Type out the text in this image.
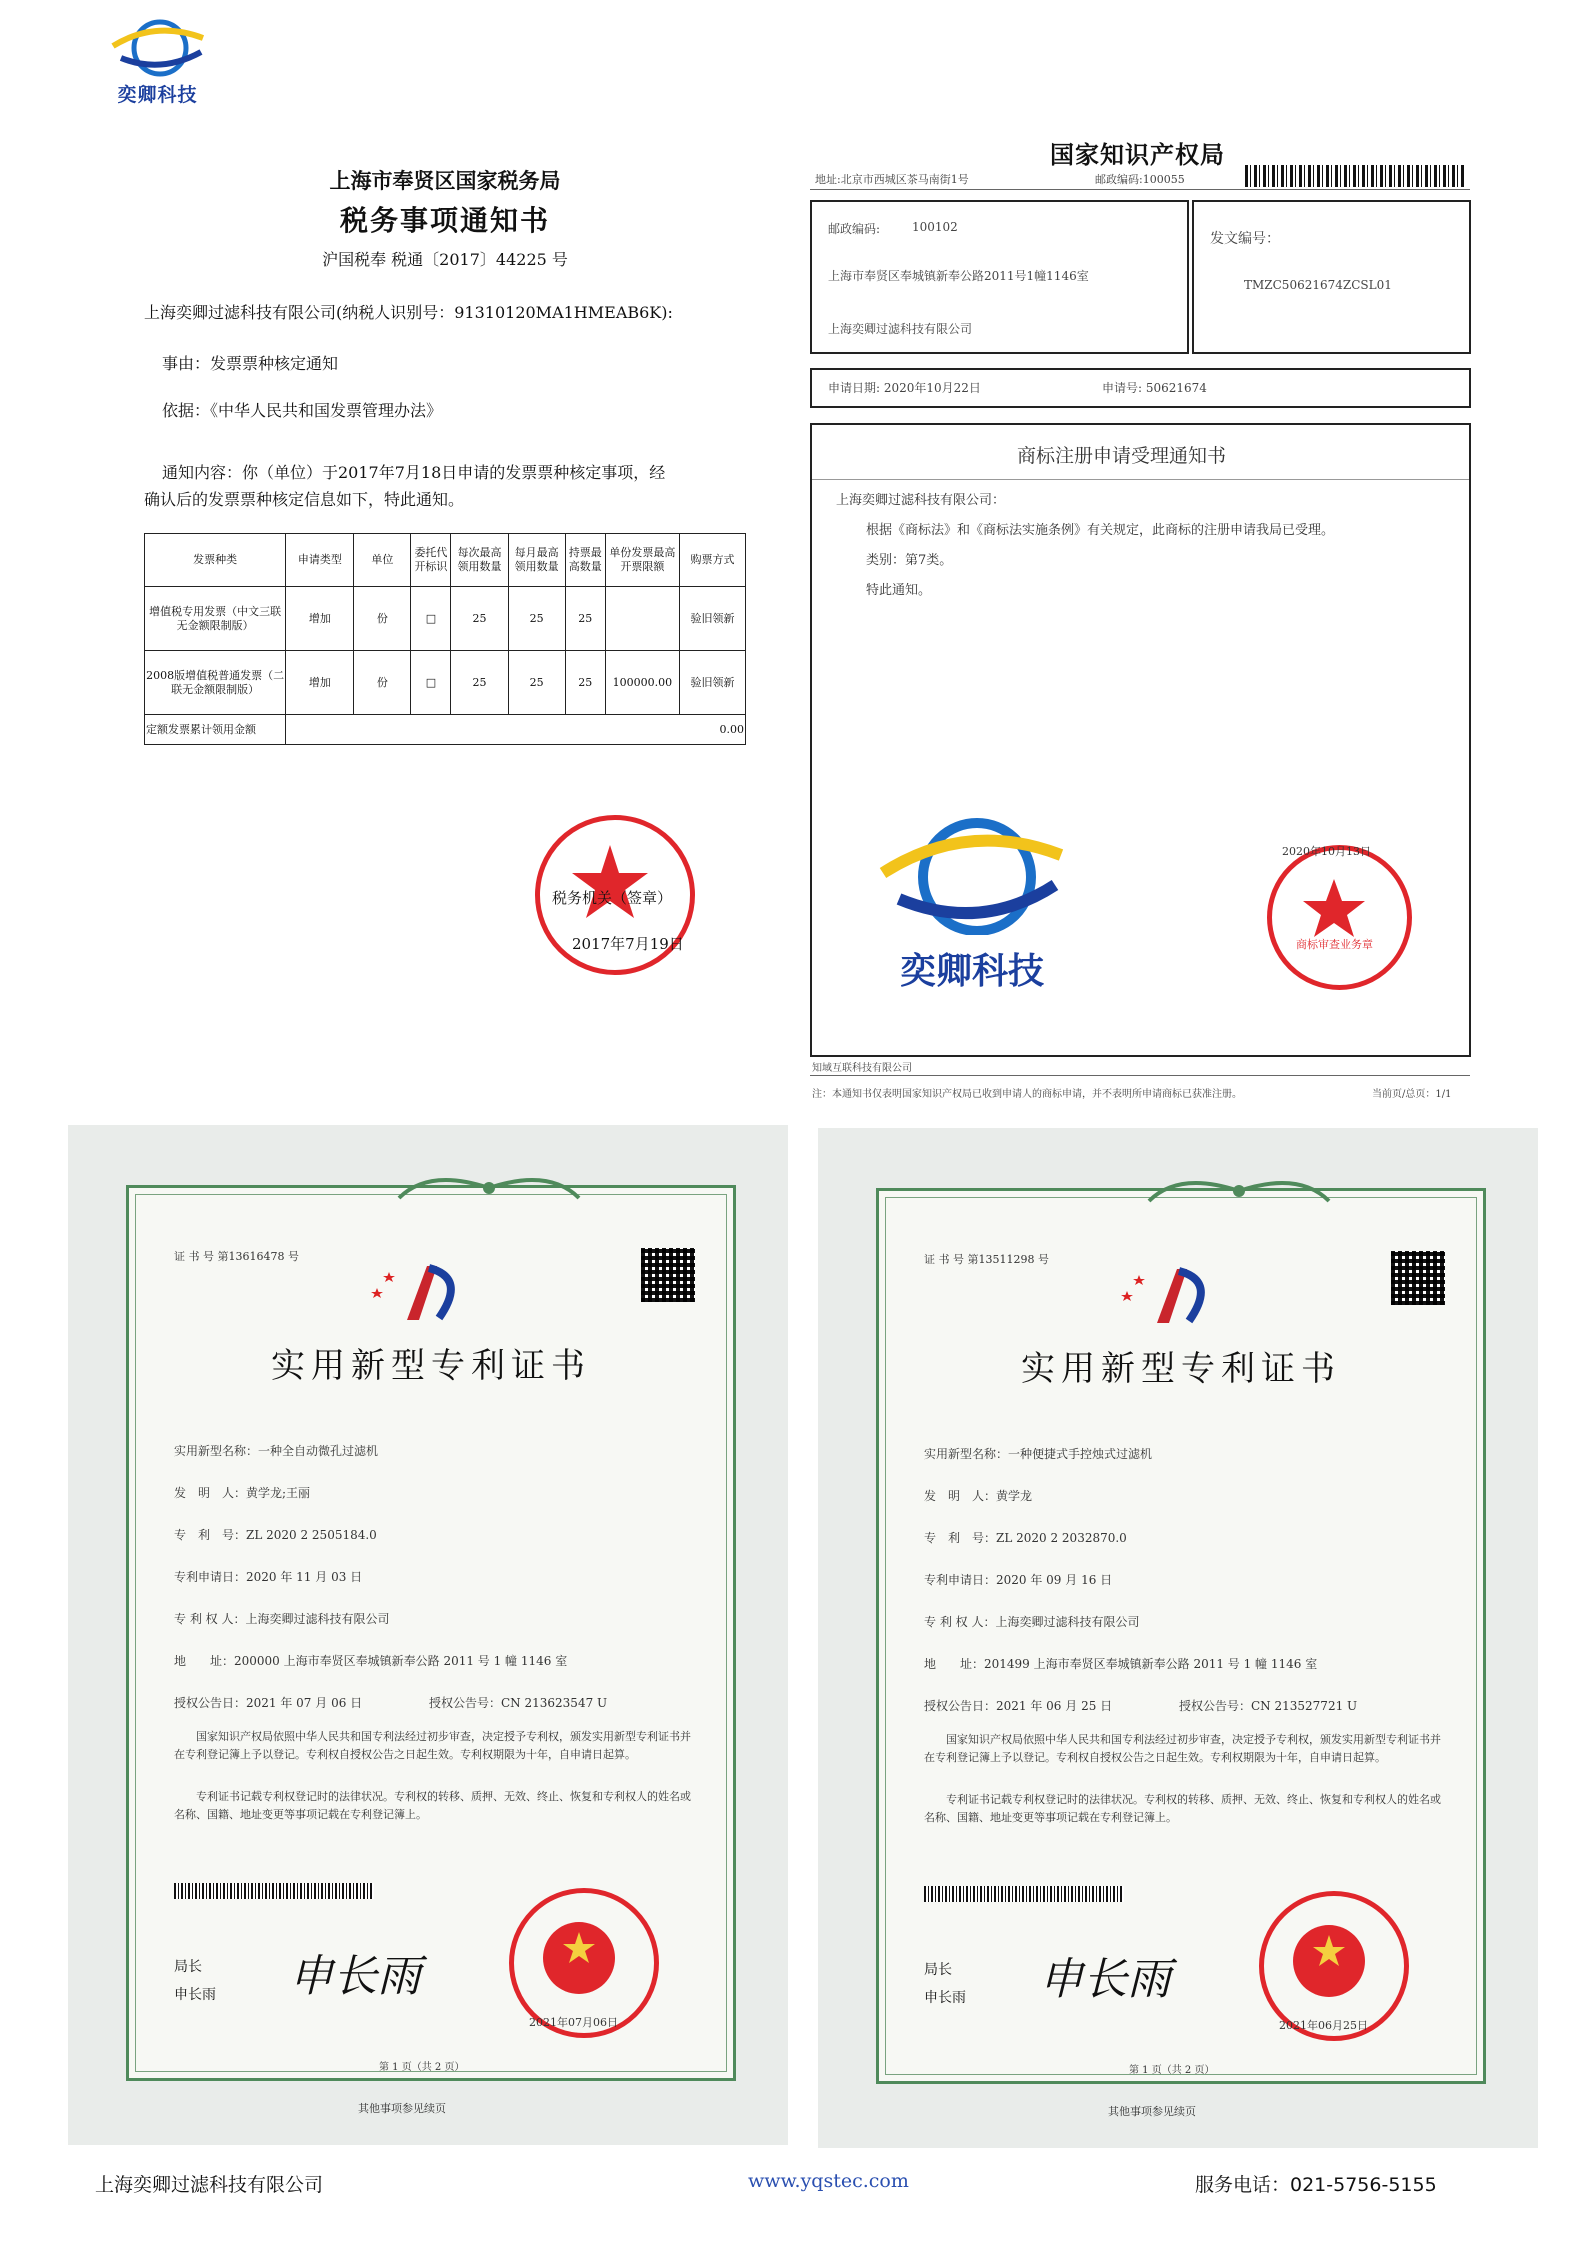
奕卿科技
上海市奉贤区国家税务局
税务事项通知书
沪国税奉 税通〔2017〕44225 号
上海奕卿过滤科技有限公司(纳税人识别号：91310120MA1HMEAB6K):
事由：发票票种核定通知
依据：《中华人民共和国发票管理办法》
通知内容：你（单位）于2017年7月18日申请的发票票种核定事项，经
确认后的发票票种核定信息如下，特此通知。
发票种类	申请类型	单位	委托代开标识	每次最高领用数量	每月最高领用数量	持票最高数量	单份发票最高开票限额	购票方式
增值税专用发票（中文三联无金额限制版）	增加	份	□	25	25	25		验旧领新
2008版增值税普通发票（二联无金额限制版）	增加	份	□	25	25	25	100000.00	验旧领新
定额发票累计领用金额	0.00							
税务机关（签章）
2017年7月19日
国家知识产权局
地址:北京市西城区茶马南街1号	邮政编码:100055
邮政编码:	100102
上海市奉贤区奉城镇新奉公路2011号1幢1146室
上海奕卿过滤科技有限公司
发文编号：
TMZC50621674ZCSL01
申请日期: 2020年10月22日	申请号: 50621674
商标注册申请受理通知书
上海奕卿过滤科技有限公司：
根据《商标法》和《商标法实施条例》有关规定，此商标的注册申请我局已受理。
类别：第7类。
特此通知。
奕卿科技
商标审查业务章
2020年10月13日
知域互联科技有限公司
注：本通知书仅表明国家知识产权局已收到申请人的商标申请，并不表明所申请商标已获准注册。	当前页/总页：1/1
证 书 号 第13616478 号
实用新型专利证书
实用新型名称：一种全自动微孔过滤机
发　明　人：黄学龙;王丽
专　利　号：ZL 2020 2 2505184.0
专利申请日：2020 年 11 月 03 日
专 利 权 人：上海奕卿过滤科技有限公司
地　　址：200000 上海市奉贤区奉城镇新奉公路 2011 号 1 幢 1146 室
授权公告日：2021 年 07 月 06 日	授权公告号：CN 213623547 U
国家知识产权局依照中华人民共和国专利法经过初步审查，决定授予专利权，颁发实用新型专利证书并在专利登记簿上予以登记。专利权自授权公告之日起生效。专利权期限为十年，自申请日起算。
专利证书记载专利权登记时的法律状况。专利权的转移、质押、无效、终止、恢复和专利权人的姓名或名称、国籍、地址变更等事项记载在专利登记簿上。
局长
申长雨 申长雨
2021年07月06日
第 1 页（共 2 页）
其他事项参见续页
证 书 号 第13511298 号
实用新型专利证书
实用新型名称：一种便捷式手控烛式过滤机
发　明　人：黄学龙
专　利　号：ZL 2020 2 2032870.0
专利申请日：2020 年 09 月 16 日
专 利 权 人：上海奕卿过滤科技有限公司
地　　址：201499 上海市奉贤区奉城镇新奉公路 2011 号 1 幢 1146 室
授权公告日：2021 年 06 月 25 日	授权公告号：CN 213527721 U
国家知识产权局依照中华人民共和国专利法经过初步审查，决定授予专利权，颁发实用新型专利证书并在专利登记簿上予以登记。专利权自授权公告之日起生效。专利权期限为十年，自申请日起算。
专利证书记载专利权登记时的法律状况。专利权的转移、质押、无效、终止、恢复和专利权人的姓名或名称、国籍、地址变更等事项记载在专利登记簿上。
局长
申长雨 申长雨
2021年06月25日
第 1 页（共 2 页）
其他事项参见续页
上海奕卿过滤科技有限公司	www.yqstec.com	服务电话：021-5756-5155
